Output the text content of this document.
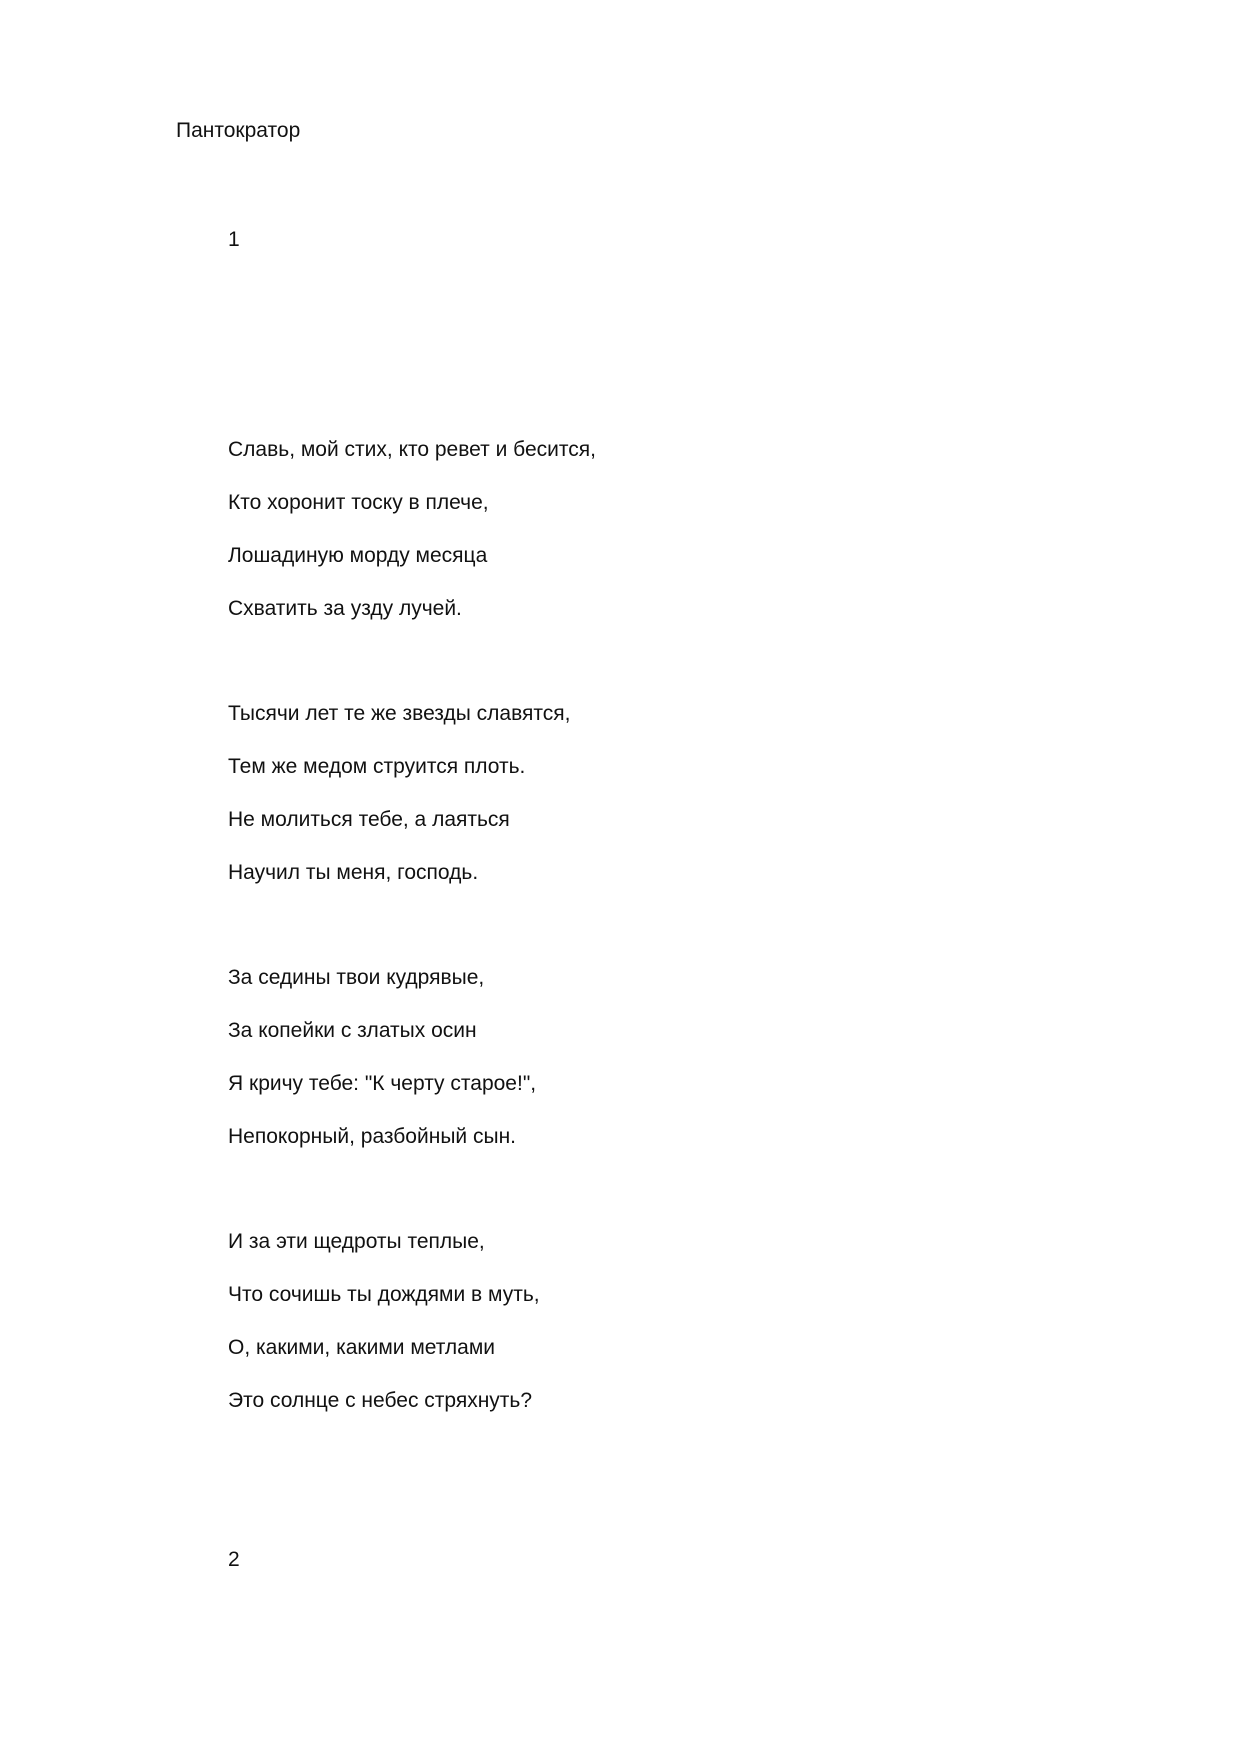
Пантократор
1
Славь, мой стих, кто ревет и бесится,
Кто хоронит тоску в плече,
Лошадиную морду месяца
Схватить за узду лучей.
Тысячи лет те же звезды славятся,
Тем же медом струится плоть.
Не молиться тебе, а лаяться
Научил ты меня, господь.
За седины твои кудрявые,
За копейки с златых осин
Я кричу тебе: "К черту старое!",
Непокорный, разбойный сын.
И за эти щедроты теплые,
Что сочишь ты дождями в муть,
О, какими, какими метлами
Это солнце с небес стряхнуть?
2
